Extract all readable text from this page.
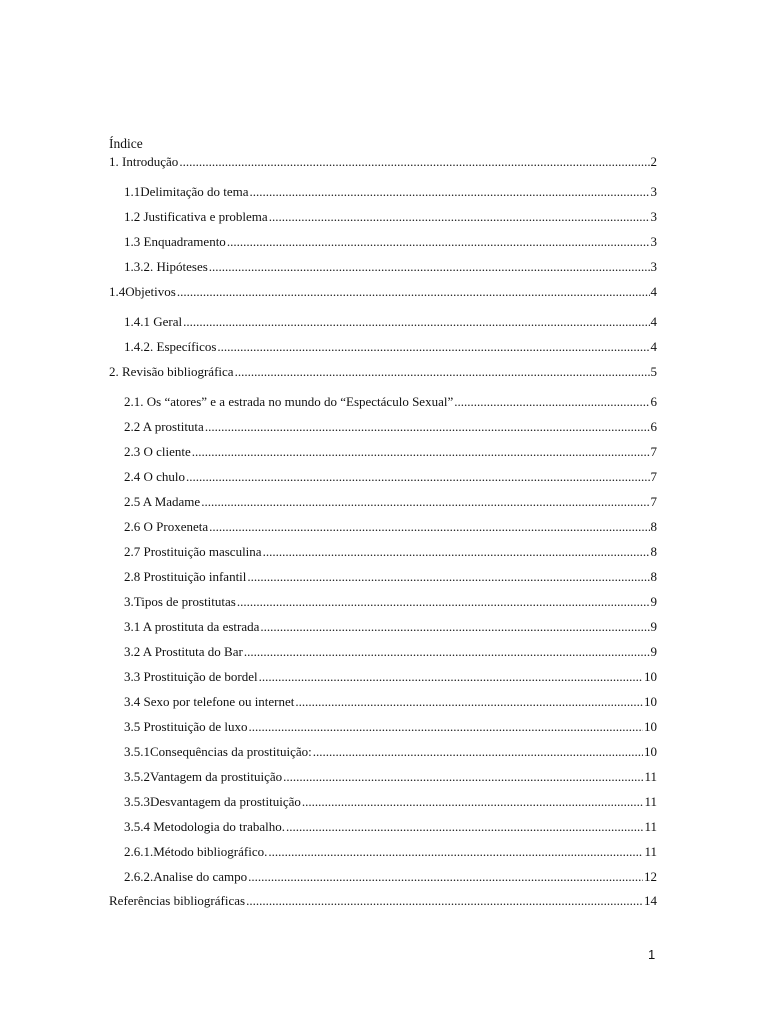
Índice
1. Introdução .....	2
1.1Delimitação do tema .....	3
1.2 Justificativa e problema .....	3
1.3 Enquadramento .....	3
1.3.2. Hipóteses .....	3
1.4Objetivos .....	4
1.4.1 Geral .....	4
1.4.2. Específicos .....	4
2. Revisão bibliográfica .....	5
2.1. Os “atores” e a estrada no mundo do “Espectáculo Sexual” .....	6
2.2 A prostituta .....	6
2.3 O cliente .....	7
2.4 O chulo .....	7
2.5 A Madame .....	7
2.6 O Proxeneta .....	8
2.7 Prostituição masculina .....	8
2.8 Prostituição infantil .....	8
3.Tipos de prostitutas .....	9
3.1 A prostituta da estrada .....	9
3.2 A Prostituta do Bar .....	9
3.3 Prostituição de bordel .....	10
3.4 Sexo por telefone ou internet .....	10
3.5 Prostituição de luxo .....	10
3.5.1Consequências da prostituição: .....	10
3.5.2Vantagem da prostituição .....	11
3.5.3Desvantagem da prostituição .....	11
3.5.4 Metodologia do trabalho. .....	11
2.6.1.Método bibliográfico. .....	11
2.6.2.Analise do campo .....	12
Referências bibliográficas .....	14
1
